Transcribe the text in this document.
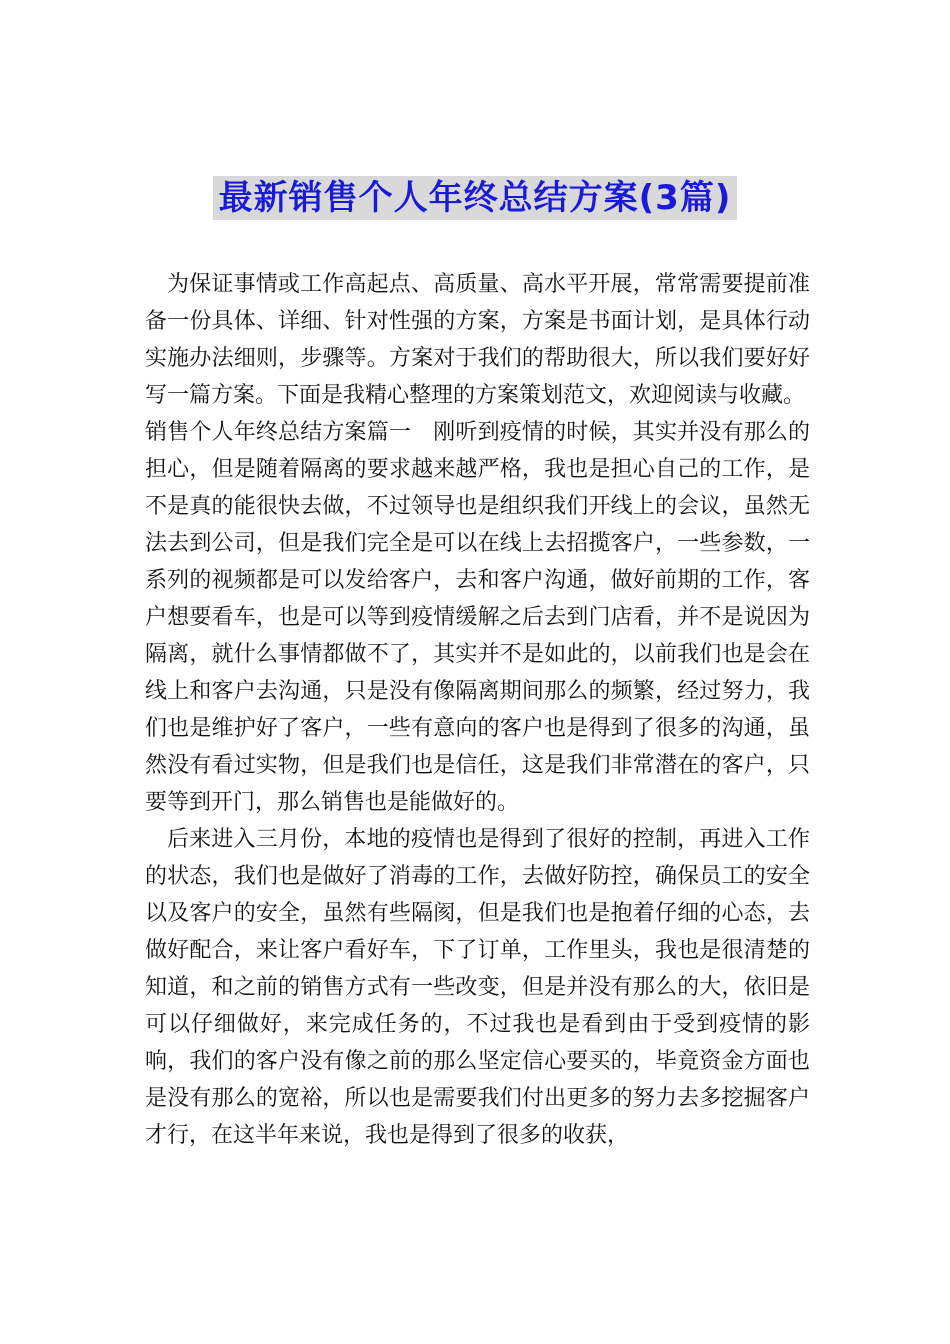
最新销售个人年终总结方案(3篇)

为保证事情或工作高起点、高质量、高水平开展，常常需要提前准备一份具体、详细、针对性强的方案，方案是书面计划，是具体行动实施办法细则，步骤等。方案对于我们的帮助很大，所以我们要好好写一篇方案。下面是我精心整理的方案策划范文，欢迎阅读与收藏。

销售个人年终总结方案篇一　刚听到疫情的时候，其实并没有那么的担心，但是随着隔离的要求越来越严格，我也是担心自己的工作，是不是真的能很快去做，不过领导也是组织我们开线上的会议，虽然无法去到公司，但是我们完全是可以在线上去招揽客户，一些参数，一系列的视频都是可以发给客户，去和客户沟通，做好前期的工作，客户想要看车，也是可以等到疫情缓解之后去到门店看，并不是说因为隔离，就什么事情都做不了，其实并不是如此的，以前我们也是会在线上和客户去沟通，只是没有像隔离期间那么的频繁，经过努力，我们也是维护好了客户，一些有意向的客户也是得到了很多的沟通，虽然没有看过实物，但是我们也是信任，这是我们非常潜在的客户，只要等到开门，那么销售也是能做好的。

后来进入三月份，本地的疫情也是得到了很好的控制，再进入工作的状态，我们也是做好了消毒的工作，去做好防控，确保员工的安全以及客户的安全，虽然有些隔阂，但是我们也是抱着仔细的心态，去做好配合，来让客户看好车，下了订单，工作里头，我也是很清楚的知道，和之前的销售方式有一些改变，但是并没有那么的大，依旧是可以仔细做好，来完成任务的，不过我也是看到由于受到疫情的影响，我们的客户没有像之前的那么坚定信心要买的，毕竟资金方面也是没有那么的宽裕，所以也是需要我们付出更多的努力去多挖掘客户才行，在这半年来说，我也是得到了很多的收获，
